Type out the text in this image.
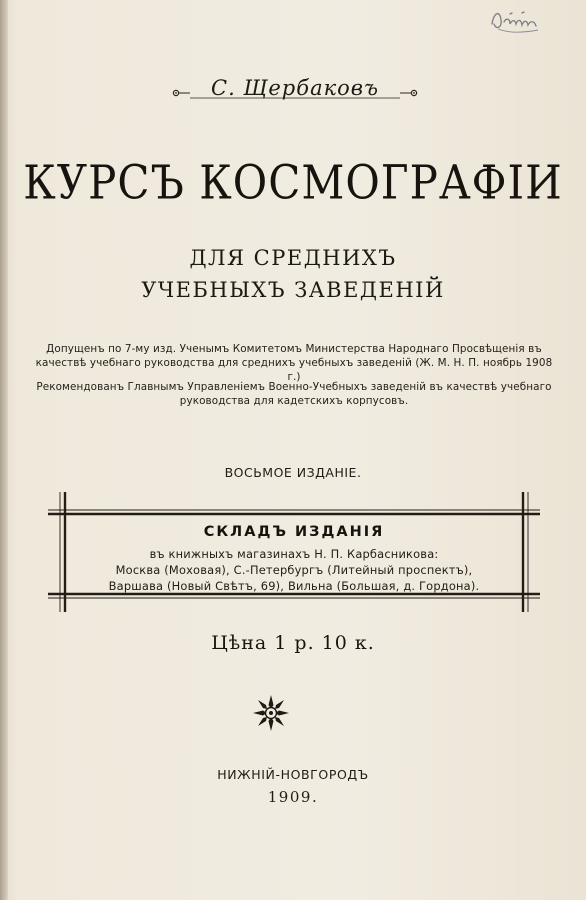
С. Щербаковъ
КУРСЪ КОСМОГРАФІИ

ДЛЯ СРЕДНИХЪ

УЧЕБНЫХЪ ЗАВЕДЕНІЙ

Допущенъ по 7-му изд. Ученымъ Комитетомъ Министерства Народнаго Просвѣщенія въ качествѣ учебнаго руководства для среднихъ учебныхъ заведеній (Ж. М. Н. П. ноябрь 1908 г.)

Рекомендованъ Главнымъ Управленіемъ Военно-Учебныхъ заведеній въ качествѣ учебнаго руководства для кадетскихъ корпусовъ.

ВОСЬМОЕ ИЗДАНІЕ.

СКЛАДЪ ИЗДАНІЯ
въ книжныхъ магазинахъ Н. П. Карбасникова:
Москва (Моховая), С.-Петербургъ (Литейный проспектъ),
Варшава (Новый Свѣтъ, 69), Вильна (Большая, д. Гордона).

Цѣна 1 р. 10 к.

НИЖНІЙ-НОВГОРОДЪ

1909.
